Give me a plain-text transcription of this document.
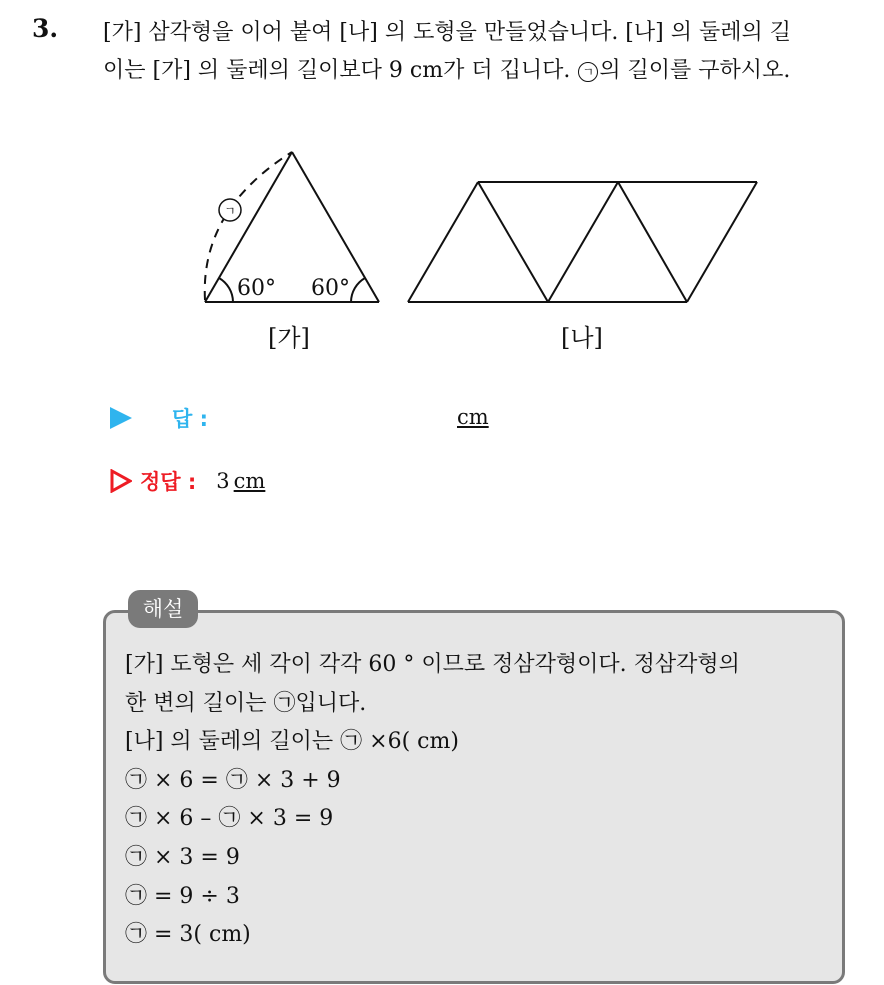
3. [가] 삼각형을 이어 붙여 [나] 의 도형을 만들었습니다. [나] 의 둘레의 길
이는 [가] 의 둘레의 길이보다 9 cm가 더 깁니다. ㄱ 의 길이를 구하시오.
ㄱ
60° 60°
[가]	[나]
답 :	cm
정답 : 3 cm
해설
[가] 도형은 세 각이 각각 60 ° 이므로 정삼각형이다. 정삼각형의
한 변의 길이는 ㉠입니다.
[나] 의 둘레의 길이는 ㉠ ×6( cm)
㉠ × 6 = ㉠ × 3 + 9
㉠ × 6 – ㉠ × 3 = 9
㉠ × 3 = 9
㉠ = 9 ÷ 3
㉠ = 3( cm)
